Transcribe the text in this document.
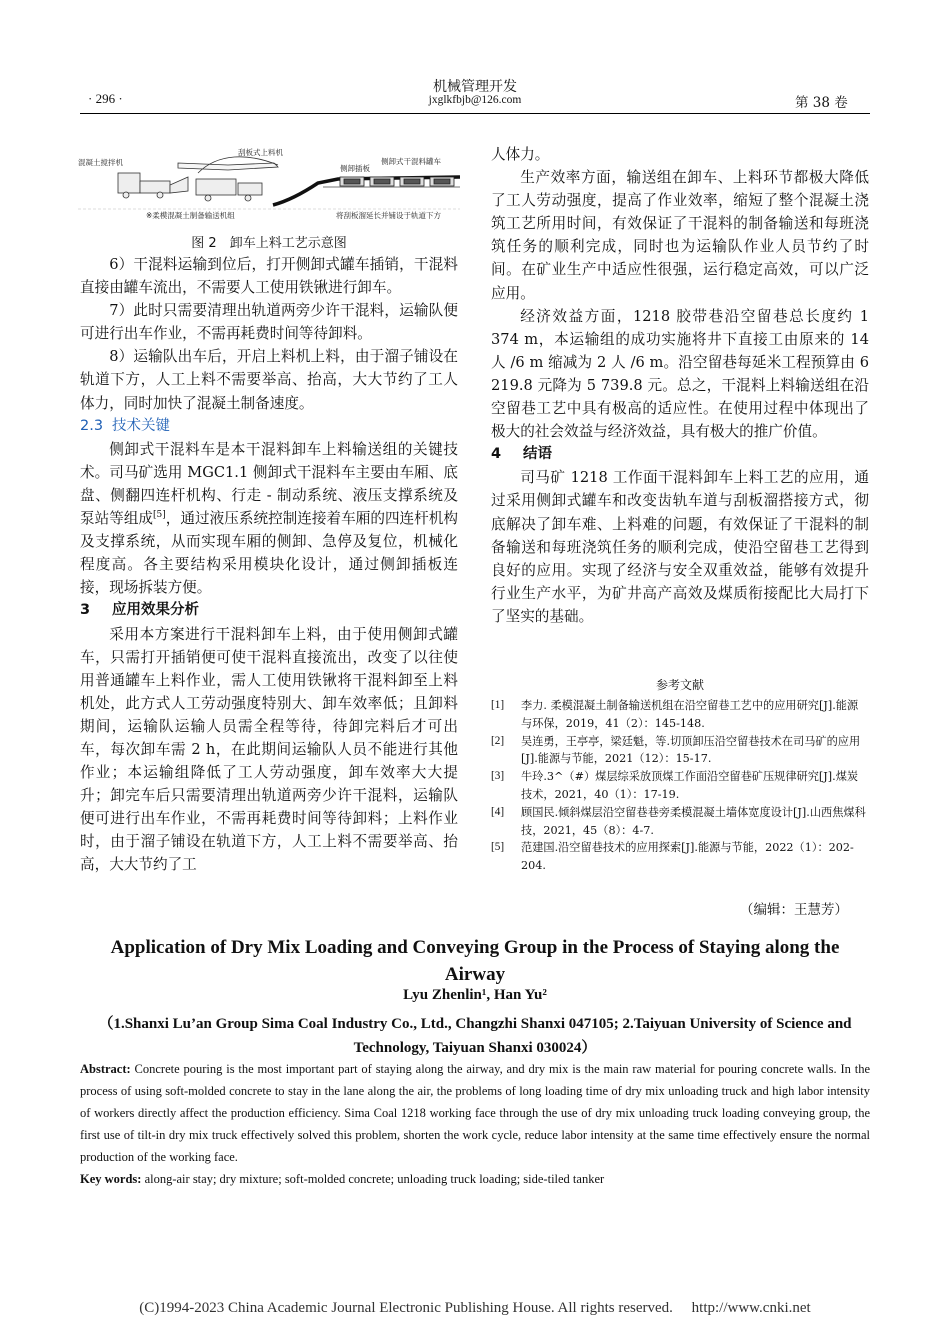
· 296 ·
机械管理开发
jxglkfbjb@126.com	第 38 卷
混凝土搅拌机
刮板式上料机
侧卸插板
侧卸式干混料罐车
※柔模混凝土制备输送机组	将刮板溜延长并铺设于轨道下方
图 2　卸车上料工艺示意图

6）干混料运输到位后，打开侧卸式罐车插销，干混料直接由罐车流出，不需要人工使用铁锹进行卸车。

7）此时只需要清理出轨道两旁少许干混料，运输队便可进行出车作业，不需再耗费时间等待卸料。

8）运输队出车后，开启上料机上料，由于溜子铺设在轨道下方，人工上料不需要举高、抬高，大大节约了工人体力，同时加快了混凝土制备速度。

2.3 技术关键

侧卸式干混料车是本干混料卸车上料输送组的关键技术。司马矿选用 MGC1.1 侧卸式干混料车主要由车厢、底盘、侧翻四连杆机构、行走 - 制动系统、液压支撑系统及泵站等组成[5]，通过液压系统控制连接着车厢的四连杆机构及支撑系统，从而实现车厢的侧卸、急停及复位，机械化程度高。各主要结构采用模块化设计，通过侧卸插板连接，现场拆装方便。

3 应用效果分析

采用本方案进行干混料卸车上料，由于使用侧卸式罐车，只需打开插销便可使干混料直接流出，改变了以往使用普通罐车上料作业，需人工使用铁锹将干混料卸至上料机处，此方式人工劳动强度特别大、卸车效率低；且卸料期间，运输队运输人员需全程等待，待卸完料后才可出车，每次卸车需 2 h，在此期间运输队人员不能进行其他作业；本运输组降低了工人劳动强度，卸车效率大大提升；卸完车后只需要清理出轨道两旁少许干混料，运输队便可进行出车作业，不需再耗费时间等待卸料；上料作业时，由于溜子铺设在轨道下方，人工上料不需要举高、抬高，大大节约了工

人体力。

生产效率方面，输送组在卸车、上料环节都极大降低了工人劳动强度，提高了作业效率，缩短了整个混凝土浇筑工艺所用时间，有效保证了干混料的制备输送和每班浇筑任务的顺利完成，同时也为运输队作业人员节约了时间。在矿业生产中适应性很强，运行稳定高效，可以广泛应用。

经济效益方面，1218 胶带巷沿空留巷总长度约 1 374 m，本运输组的成功实施将井下直接工由原来的 14 人 /6 m 缩减为 2 人 /6 m。沿空留巷每延米工程预算由 6 219.8 元降为 5 739.8 元。总之，干混料上料输送组在沿空留巷工艺中具有极高的适应性。在使用过程中体现出了极大的社会效益与经济效益，具有极大的推广价值。

4 结语

司马矿 1218 工作面干混料卸车上料工艺的应用，通过采用侧卸式罐车和改变齿轨车道与刮板溜搭接方式，彻底解决了卸车难、上料难的问题，有效保证了干混料的制备输送和每班浇筑任务的顺利完成，使沿空留巷工艺得到良好的应用。实现了经济与安全双重效益，能够有效提升行业生产水平，为矿井高产高效及煤质衔接配比大局打下了坚实的基础。

参考文献
[1]	李力. 柔模混凝土制备输送机组在沿空留巷工艺中的应用研究[J].能源与环保，2019，41（2）：145-148.
[2]	吴连勇，王亭亭，梁廷魁，等.切顶卸压沿空留巷技术在司马矿的应用[J].能源与节能，2021（12）：15-17.
[3]	牛玲.3^（#）煤层综采放顶煤工作面沿空留巷矿压规律研究[J].煤炭技术，2021，40（1）：17-19.
[4]	顾国民.倾斜煤层沿空留巷巷旁柔模混凝土墙体宽度设计[J].山西焦煤科技，2021，45（8）：4-7.
[5]	范建国.沿空留巷技术的应用探索[J].能源与节能，2022（1）：202-204.
（编辑：王慧芳）
Application of Dry Mix Loading and Conveying Group in the Process of Staying along the Airway
Lyu Zhenlin¹, Han Yu²
（1.Shanxi Lu’an Group Sima Coal Industry Co., Ltd., Changzhi Shanxi 047105; 2.Taiyuan University of Science and Technology, Taiyuan Shanxi 030024）
Abstract: Concrete pouring is the most important part of staying along the airway, and dry mix is the main raw material for pouring concrete walls. In the process of using soft-molded concrete to stay in the lane along the air, the problems of long loading time of dry mix unloading truck and high labor intensity of workers directly affect the production efficiency. Sima Coal 1218 working face through the use of dry mix unloading truck loading conveying group, the first use of tilt-in dry mix truck effectively solved this problem, shorten the work cycle, reduce labor intensity at the same time effectively ensure the normal production of the working face.
Key words: along-air stay; dry mixture; soft-molded concrete; unloading truck loading; side-tiled tanker
(C)1994-2023 China Academic Journal Electronic Publishing House. All rights reserved.　 http://www.cnki.net
